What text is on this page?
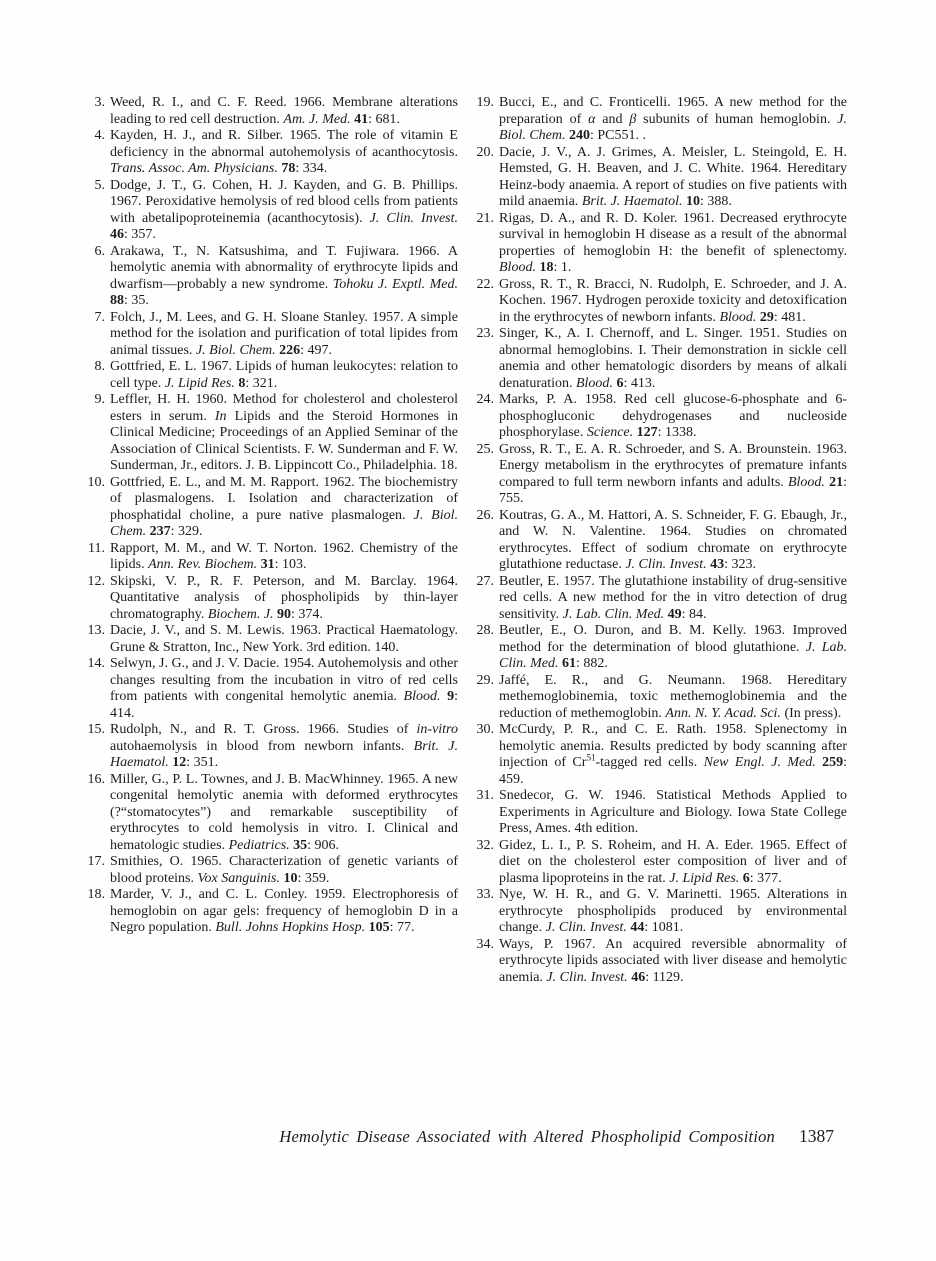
3. Weed, R. I., and C. F. Reed. 1966. Membrane alterations leading to red cell destruction. Am. J. Med. 41: 681.
4. Kayden, H. J., and R. Silber. 1965. The role of vitamin E deficiency in the abnormal autohemolysis of acanthocytosis. Trans. Assoc. Am. Physicians. 78: 334.
5. Dodge, J. T., G. Cohen, H. J. Kayden, and G. B. Phillips. 1967. Peroxidative hemolysis of red blood cells from patients with abetalipoproteinemia (acanthocytosis). J. Clin. Invest. 46: 357.
6. Arakawa, T., N. Katsushima, and T. Fujiwara. 1966. A hemolytic anemia with abnormality of erythrocyte lipids and dwarfism—probably a new syndrome. Tohoku J. Exptl. Med. 88: 35.
7. Folch, J., M. Lees, and G. H. Sloane Stanley. 1957. A simple method for the isolation and purification of total lipides from animal tissues. J. Biol. Chem. 226: 497.
8. Gottfried, E. L. 1967. Lipids of human leukocytes: relation to cell type. J. Lipid Res. 8: 321.
9. Leffler, H. H. 1960. Method for cholesterol and cholesterol esters in serum. In Lipids and the Steroid Hormones in Clinical Medicine; Proceedings of an Applied Seminar of the Association of Clinical Scientists. F. W. Sunderman and F. W. Sunderman, Jr., editors. J. B. Lippincott Co., Philadelphia. 18.
10. Gottfried, E. L., and M. M. Rapport. 1962. The biochemistry of plasmalogens. I. Isolation and characterization of phosphatidal choline, a pure native plasmalogen. J. Biol. Chem. 237: 329.
11. Rapport, M. M., and W. T. Norton. 1962. Chemistry of the lipids. Ann. Rev. Biochem. 31: 103.
12. Skipski, V. P., R. F. Peterson, and M. Barclay. 1964. Quantitative analysis of phospholipids by thin-layer chromatography. Biochem. J. 90: 374.
13. Dacie, J. V., and S. M. Lewis. 1963. Practical Haematology. Grune & Stratton, Inc., New York. 3rd edition. 140.
14. Selwyn, J. G., and J. V. Dacie. 1954. Autohemolysis and other changes resulting from the incubation in vitro of red cells from patients with congenital hemolytic anemia. Blood. 9: 414.
15. Rudolph, N., and R. T. Gross. 1966. Studies of in-vitro autohaemolysis in blood from newborn infants. Brit. J. Haematol. 12: 351.
16. Miller, G., P. L. Townes, and J. B. MacWhinney. 1965. A new congenital hemolytic anemia with deformed erythrocytes (?“stomatocytes”) and remarkable susceptibility of erythrocytes to cold hemolysis in vitro. I. Clinical and hematologic studies. Pediatrics. 35: 906.
17. Smithies, O. 1965. Characterization of genetic variants of blood proteins. Vox Sanguinis. 10: 359.
18. Marder, V. J., and C. L. Conley. 1959. Electrophoresis of hemoglobin on agar gels: frequency of hemoglobin D in a Negro population. Bull. Johns Hopkins Hosp. 105: 77.
19. Bucci, E., and C. Fronticelli. 1965. A new method for the preparation of α and β subunits of human hemoglobin. J. Biol. Chem. 240: PC551. .
20. Dacie, J. V., A. J. Grimes, A. Meisler, L. Steingold, E. H. Hemsted, G. H. Beaven, and J. C. White. 1964. Hereditary Heinz-body anaemia. A report of studies on five patients with mild anaemia. Brit. J. Haematol. 10: 388.
21. Rigas, D. A., and R. D. Koler. 1961. Decreased erythrocyte survival in hemoglobin H disease as a result of the abnormal properties of hemoglobin H: the benefit of splenectomy. Blood. 18: 1.
22. Gross, R. T., R. Bracci, N. Rudolph, E. Schroeder, and J. A. Kochen. 1967. Hydrogen peroxide toxicity and detoxification in the erythrocytes of newborn infants. Blood. 29: 481.
23. Singer, K., A. I. Chernoff, and L. Singer. 1951. Studies on abnormal hemoglobins. I. Their demonstration in sickle cell anemia and other hematologic disorders by means of alkali denaturation. Blood. 6: 413.
24. Marks, P. A. 1958. Red cell glucose-6-phosphate and 6-phosphogluconic dehydrogenases and nucleoside phosphorylase. Science. 127: 1338.
25. Gross, R. T., E. A. R. Schroeder, and S. A. Brounstein. 1963. Energy metabolism in the erythrocytes of premature infants compared to full term newborn infants and adults. Blood. 21: 755.
26. Koutras, G. A., M. Hattori, A. S. Schneider, F. G. Ebaugh, Jr., and W. N. Valentine. 1964. Studies on chromated erythrocytes. Effect of sodium chromate on erythrocyte glutathione reductase. J. Clin. Invest. 43: 323.
27. Beutler, E. 1957. The glutathione instability of drug-sensitive red cells. A new method for the in vitro detection of drug sensitivity. J. Lab. Clin. Med. 49: 84.
28. Beutler, E., O. Duron, and B. M. Kelly. 1963. Improved method for the determination of blood glutathione. J. Lab. Clin. Med. 61: 882.
29. Jaffé, E. R., and G. Neumann. 1968. Hereditary methemoglobinemia, toxic methemoglobinemia and the reduction of methemoglobin. Ann. N. Y. Acad. Sci. (In press).
30. McCurdy, P. R., and C. E. Rath. 1958. Splenectomy in hemolytic anemia. Results predicted by body scanning after injection of Cr$^{51}$-tagged red cells. New Engl. J. Med. 259: 459.
31. Snedecor, G. W. 1946. Statistical Methods Applied to Experiments in Agriculture and Biology. Iowa State College Press, Ames. 4th edition.
32. Gidez, L. I., P. S. Roheim, and H. A. Eder. 1965. Effect of diet on the cholesterol ester composition of liver and of plasma lipoproteins in the rat. J. Lipid Res. 6: 377.
33. Nye, W. H. R., and G. V. Marinetti. 1965. Alterations in erythrocyte phospholipids produced by environmental change. J. Clin. Invest. 44: 1081.
34. Ways, P. 1967. An acquired reversible abnormality of erythrocyte lipids associated with liver disease and hemolytic anemia. J. Clin. Invest. 46: 1129.
Hemolytic Disease Associated with Altered Phospholipid Composition 1387
